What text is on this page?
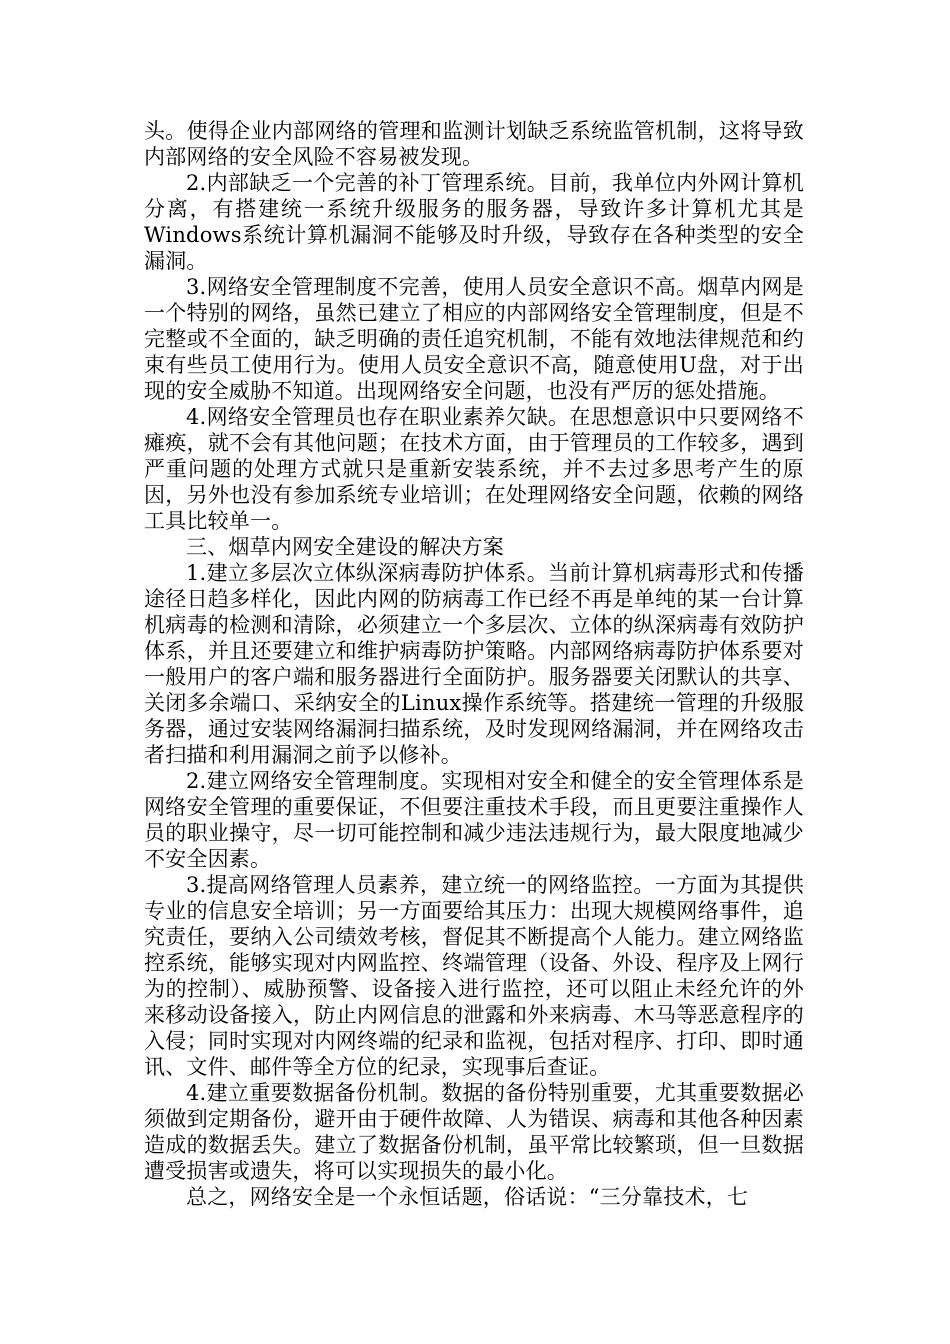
头。使得企业内部网络的管理和监测计划缺乏系统监管机制，这将导致内部网络的安全风险不容易被发现。

2.内部缺乏一个完善的补丁管理系统。目前，我单位内外网计算机分离，有搭建统一系统升级服务的服务器，导致许多计算机尤其是Windows系统计算机漏洞不能够及时升级，导致存在各种类型的安全漏洞。

3.网络安全管理制度不完善，使用人员安全意识不高。烟草内网是一个特别的网络，虽然已建立了相应的内部网络安全管理制度，但是不完整或不全面的，缺乏明确的责任追究机制，不能有效地法律规范和约束有些员工使用行为。使用人员安全意识不高，随意使用U盘，对于出现的安全威胁不知道。出现网络安全问题，也没有严厉的惩处措施。

4.网络安全管理员也存在职业素养欠缺。在思想意识中只要网络不瘫痪，就不会有其他问题；在技术方面，由于管理员的工作较多，遇到严重问题的处理方式就只是重新安装系统，并不去过多思考产生的原因，另外也没有参加系统专业培训；在处理网络安全问题，依赖的网络工具比较单一。

三、烟草内网安全建设的解决方案

1.建立多层次立体纵深病毒防护体系。当前计算机病毒形式和传播途径日趋多样化，因此内网的防病毒工作已经不再是单纯的某一台计算机病毒的检测和清除，必须建立一个多层次、立体的纵深病毒有效防护体系，并且还要建立和维护病毒防护策略。内部网络病毒防护体系要对一般用户的客户端和服务器进行全面防护。服务器要关闭默认的共享、关闭多余端口、采纳安全的Linux操作系统等。搭建统一管理的升级服务器，通过安装网络漏洞扫描系统，及时发现网络漏洞，并在网络攻击者扫描和利用漏洞之前予以修补。

2.建立网络安全管理制度。实现相对安全和健全的安全管理体系是网络安全管理的重要保证，不但要注重技术手段，而且更要注重操作人员的职业操守，尽一切可能控制和减少违法违规行为，最大限度地减少不安全因素。

3.提高网络管理人员素养，建立统一的网络监控。一方面为其提供专业的信息安全培训；另一方面要给其压力：出现大规模网络事件，追究责任，要纳入公司绩效考核，督促其不断提高个人能力。建立网络监控系统，能够实现对内网监控、终端管理（设备、外设、程序及上网行为的控制）、威胁预警、设备接入进行监控，还可以阻止未经允许的外来移动设备接入，防止内网信息的泄露和外来病毒、木马等恶意程序的入侵；同时实现对内网终端的纪录和监视，包括对程序、打印、即时通讯、文件、邮件等全方位的纪录，实现事后查证。

4.建立重要数据备份机制。数据的备份特别重要，尤其重要数据必须做到定期备份，避开由于硬件故障、人为错误、病毒和其他各种因素造成的数据丢失。建立了数据备份机制，虽平常比较繁琐，但一旦数据遭受损害或遗失，将可以实现损失的最小化。

总之，网络安全是一个永恒话题，俗话说：“三分靠技术，七
